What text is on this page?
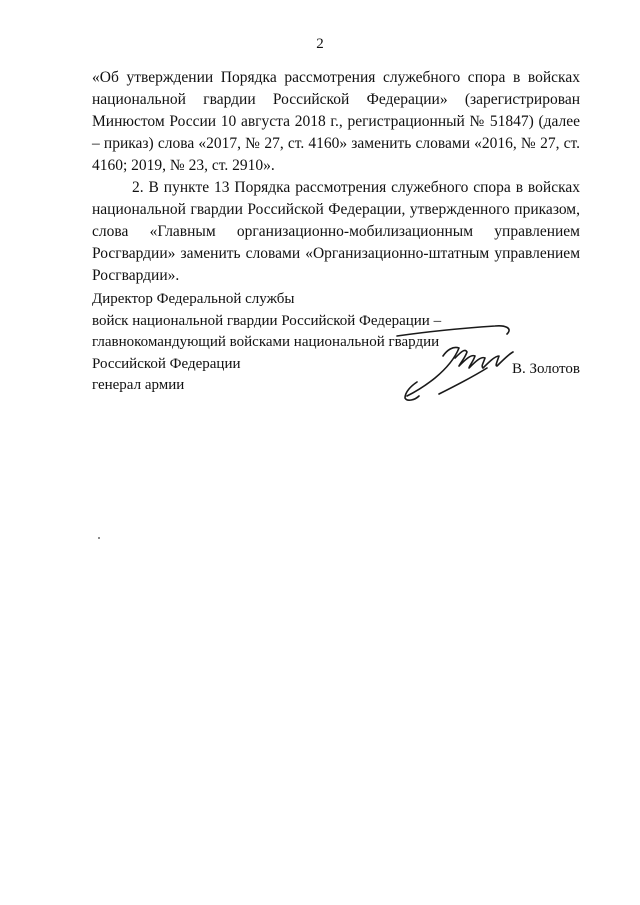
2

«Об утверждении Порядка рассмотрения служебного спора в войсках национальной гвардии Российской Федерации» (зарегистрирован Минюстом России 10 августа 2018 г., регистрационный № 51847) (далее – приказ) слова «2017, № 27, ст. 4160» заменить словами «2016, № 27, ст. 4160; 2019, № 23, ст. 2910».

2. В пункте 13 Порядка рассмотрения служебного спора в войсках национальной гвардии Российской Федерации, утвержденного приказом, слова «Главным организационно-мобилизационным управлением Росгвардии» заменить словами «Организационно-штатным управлением Росгвардии».

Директор Федеральной службы
войск национальной гвардии Российской Федерации –
главнокомандующий войсками национальной гвардии
Российской Федерации
генерал армии
В. Золотов
